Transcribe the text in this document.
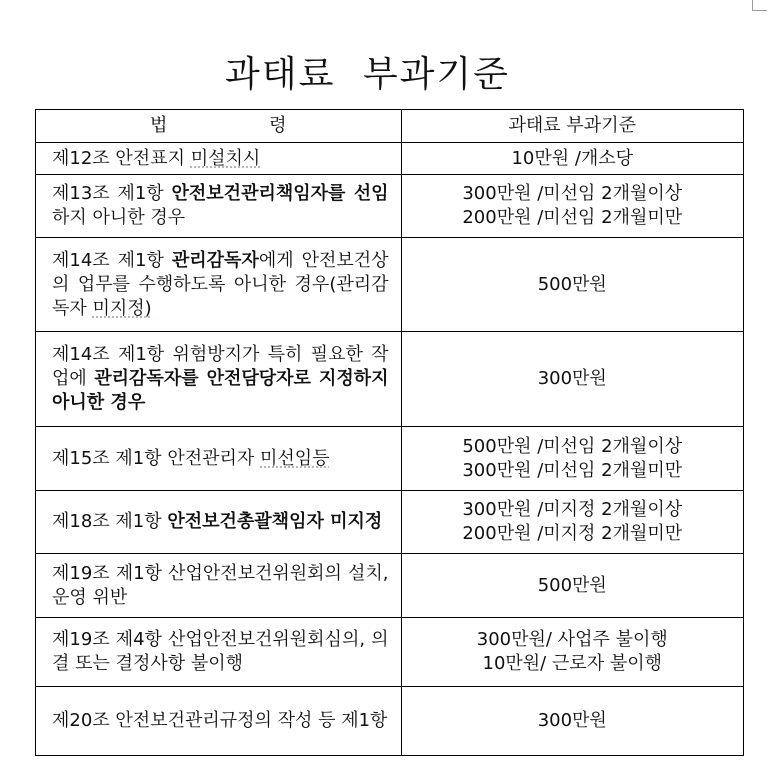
과태료 부과기준
법 령	과태료 부과기준
제12조 안전표지 미설치시	10만원 /개소당
제13조 제1항 안전보건관리책임자를 선임하지 아니한 경우	300만원 /미선임 2개월이상
200만원 /미선임 2개월미만
제14조 제1항 관리감독자에게 안전보건상의 업무를 수행하도록 아니한 경우(관리감독자 미지정)	500만원
제14조 제1항 위험방지가 특히 필요한 작업에 관리감독자를 안전담당자로 지정하지 아니한 경우	300만원
제15조 제1항 안전관리자 미선임등	500만원 /미선임 2개월이상
300만원 /미선임 2개월미만
제18조 제1항 안전보건총괄책임자 미지정	300만원 /미지정 2개월이상
200만원 /미지정 2개월미만
제19조 제1항 산업안전보건위원회의 설치, 운영 위반	500만원
제19조 제4항 산업안전보건위원회심의, 의결 또는 결정사항 불이행	300만원/ 사업주 불이행
10만원/ 근로자 불이행
제20조 안전보건관리규정의 작성 등 제1항	300만원
